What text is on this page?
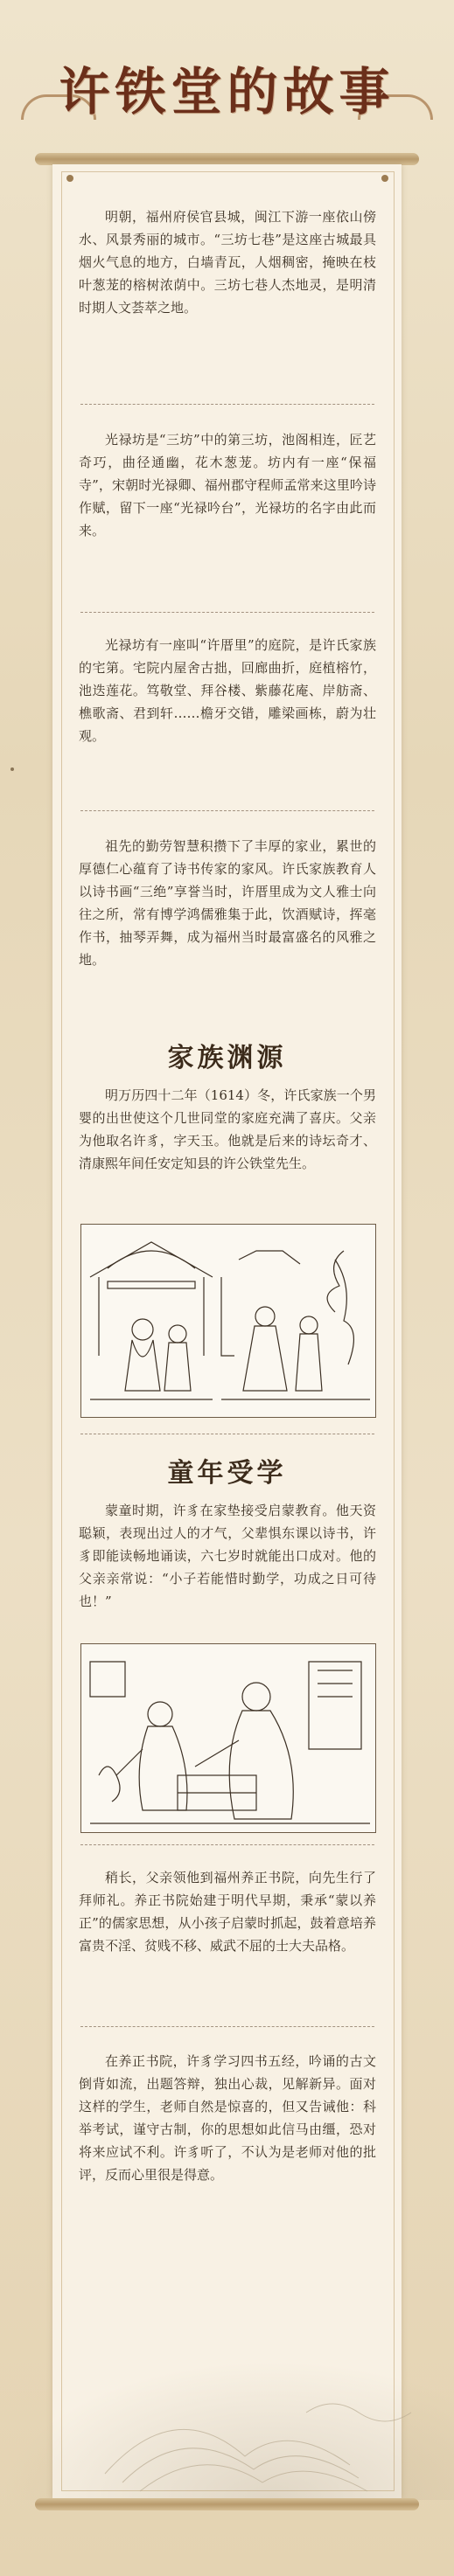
许铁堂的故事
明朝，福州府侯官县城，闽江下游一座依山傍水、风景秀丽的城市。“三坊七巷”是这座古城最具烟火气息的地方，白墙青瓦，人烟稠密，掩映在枝叶葱茏的榕树浓荫中。三坊七巷人杰地灵，是明清时期人文荟萃之地。
光禄坊是“三坊”中的第三坊，池阁相连，匠艺奇巧，曲径通幽，花木葱茏。坊内有一座“保福寺”，宋朝时光禄卿、福州郡守程师孟常来这里吟诗作赋，留下一座“光禄吟台”，光禄坊的名字由此而来。
光禄坊有一座叫“许厝里”的庭院，是许氏家族的宅第。宅院内屋舍古拙，回廊曲折，庭植榕竹，池迭莲花。笃敬堂、拜谷楼、紫藤花庵、岸舫斋、樵歌斋、君到轩……檐牙交错，雕梁画栋，蔚为壮观。
祖先的勤劳智慧积攒下了丰厚的家业，累世的厚德仁心蕴育了诗书传家的家风。许氏家族教育人以诗书画“三绝”享誉当时，许厝里成为文人雅士向往之所，常有博学鸿儒雅集于此，饮酒赋诗，挥毫作书，抽琴弄舞，成为福州当时最富盛名的风雅之地。
家族渊源
明万历四十二年（1614）冬，许氏家族一个男婴的出世使这个几世同堂的家庭充满了喜庆。父亲为他取名许豸，字天玉。他就是后来的诗坛奇才、清康熙年间任安定知县的许公铁堂先生。
童年受学
蒙童时期，许豸在家垫接受启蒙教育。他天资聪颖，表现出过人的才气，父辈惧东课以诗书，许豸即能读畅地诵读，六七岁时就能出口成对。他的父亲亲常说：“小子若能惜时勤学，功成之日可待也！”
稍长，父亲领他到福州养正书院，向先生行了拜师礼。养正书院始建于明代早期，秉承“蒙以养正”的儒家思想，从小孩子启蒙时抓起，鼓着意培养富贵不淫、贫贱不移、威武不屈的士大夫品格。
在养正书院，许豸学习四书五经，吟诵的古文倒背如流，出题答辩，独出心裁，见解新异。面对这样的学生，老师自然是惊喜的，但又告诫他：科举考试，谨守古制，你的思想如此信马由缰，恐对将来应试不利。许豸听了，不认为是老师对他的批评，反而心里很是得意。
